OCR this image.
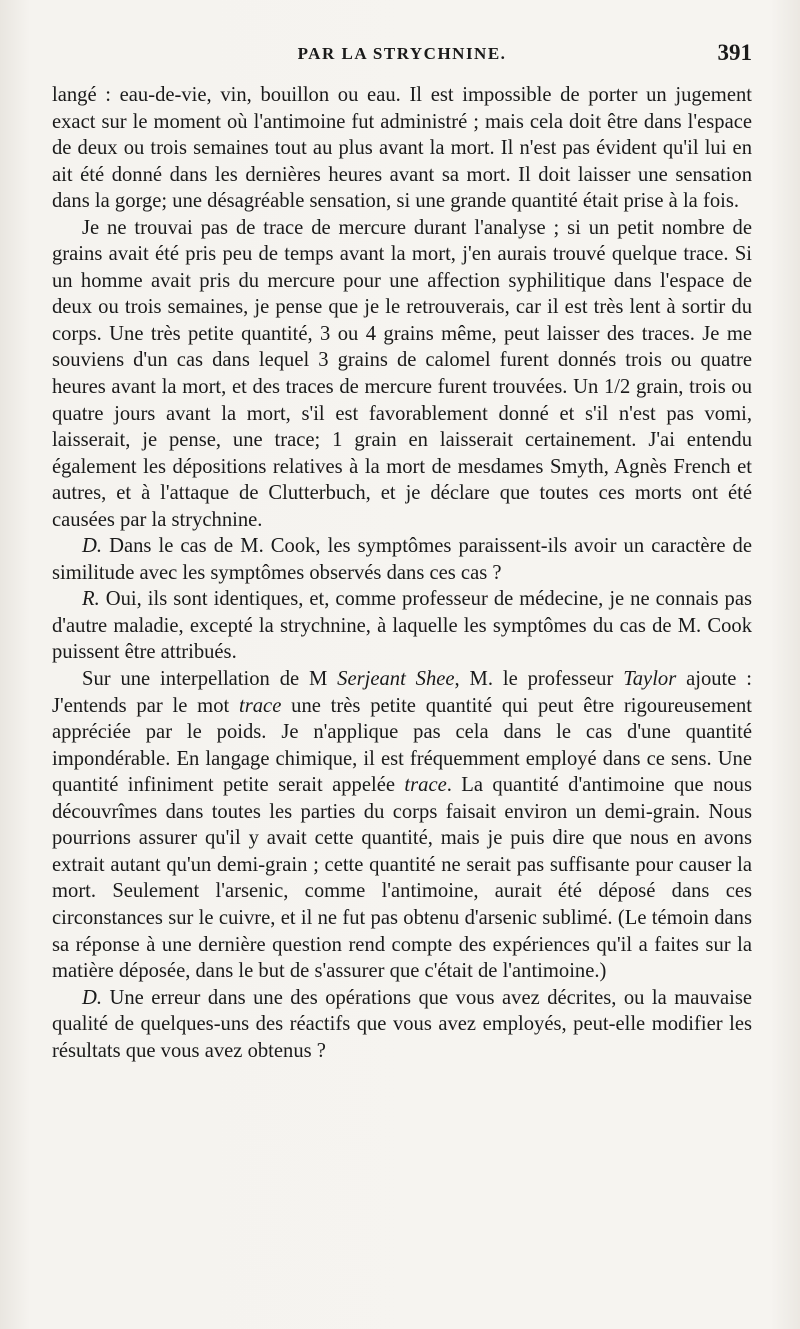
PAR LA STRYCHNINE.	391

langé : eau-de-vie, vin, bouillon ou eau. Il est impossible de porter un jugement exact sur le moment où l'antimoine fut administré ; mais cela doit être dans l'espace de deux ou trois semaines tout au plus avant la mort. Il n'est pas évident qu'il lui en ait été donné dans les dernières heures avant sa mort. Il doit laisser une sensation dans la gorge; une désagréable sensation, si une grande quantité était prise à la fois.

Je ne trouvai pas de trace de mercure durant l'analyse ; si un petit nombre de grains avait été pris peu de temps avant la mort, j'en aurais trouvé quelque trace. Si un homme avait pris du mercure pour une affection syphilitique dans l'espace de deux ou trois semaines, je pense que je le retrouverais, car il est très lent à sortir du corps. Une très petite quantité, 3 ou 4 grains même, peut laisser des traces. Je me souviens d'un cas dans lequel 3 grains de calomel furent donnés trois ou quatre heures avant la mort, et des traces de mercure furent trouvées. Un 1/2 grain, trois ou quatre jours avant la mort, s'il est favorablement donné et s'il n'est pas vomi, laisserait, je pense, une trace; 1 grain en laisserait certainement. J'ai entendu également les dépositions relatives à la mort de mesdames Smyth, Agnès French et autres, et à l'attaque de Clutterbuch, et je déclare que toutes ces morts ont été causées par la strychnine.

D. Dans le cas de M. Cook, les symptômes paraissent-ils avoir un caractère de similitude avec les symptômes observés dans ces cas ?

R. Oui, ils sont identiques, et, comme professeur de médecine, je ne connais pas d'autre maladie, excepté la strychnine, à laquelle les symptômes du cas de M. Cook puissent être attribués.

Sur une interpellation de M Serjeant Shee, M. le professeur Taylor ajoute : J'entends par le mot trace une très petite quantité qui peut être rigoureusement appréciée par le poids. Je n'applique pas cela dans le cas d'une quantité impondérable. En langage chimique, il est fréquemment employé dans ce sens. Une quantité infiniment petite serait appelée trace. La quantité d'antimoine que nous découvrîmes dans toutes les parties du corps faisait environ un demi-grain. Nous pourrions assurer qu'il y avait cette quantité, mais je puis dire que nous en avons extrait autant qu'un demi-grain ; cette quantité ne serait pas suffisante pour causer la mort. Seulement l'arsenic, comme l'antimoine, aurait été déposé dans ces circonstances sur le cuivre, et il ne fut pas obtenu d'arsenic sublimé. (Le témoin dans sa réponse à une dernière question rend compte des expériences qu'il a faites sur la matière déposée, dans le but de s'assurer que c'était de l'antimoine.)

D. Une erreur dans une des opérations que vous avez décrites, ou la mauvaise qualité de quelques-uns des réactifs que vous avez employés, peut-elle modifier les résultats que vous avez obtenus ?
